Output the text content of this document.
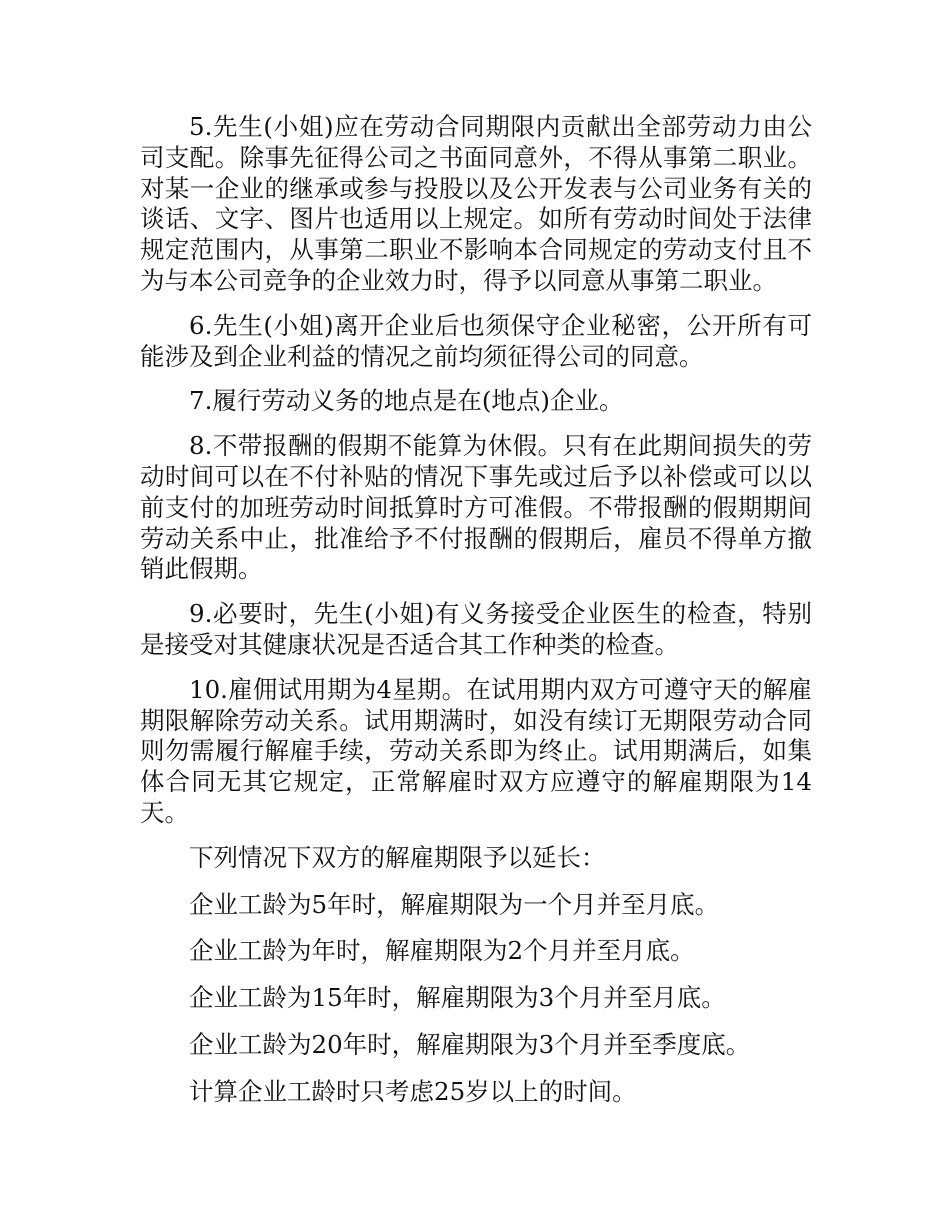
5.先生(小姐)应在劳动合同期限内贡献出全部劳动力由公司支配。除事先征得公司之书面同意外，不得从事第二职业。对某一企业的继承或参与投股以及公开发表与公司业务有关的谈话、文字、图片也适用以上规定。如所有劳动时间处于法律规定范围内，从事第二职业不影响本合同规定的劳动支付且不为与本公司竞争的企业效力时，得予以同意从事第二职业。

6.先生(小姐)离开企业后也须保守企业秘密，公开所有可能涉及到企业利益的情况之前均须征得公司的同意。

7.履行劳动义务的地点是在(地点)企业。

8.不带报酬的假期不能算为休假。只有在此期间损失的劳动时间可以在不付补贴的情况下事先或过后予以补偿或可以以前支付的加班劳动时间抵算时方可准假。不带报酬的假期期间劳动关系中止，批准给予不付报酬的假期后，雇员不得单方撤销此假期。

9.必要时，先生(小姐)有义务接受企业医生的检查，特别是接受对其健康状况是否适合其工作种类的检查。

10.雇佣试用期为4星期。在试用期内双方可遵守天的解雇期限解除劳动关系。试用期满时，如没有续订无期限劳动合同则勿需履行解雇手续，劳动关系即为终止。试用期满后，如集体合同无其它规定，正常解雇时双方应遵守的解雇期限为14天。

下列情况下双方的解雇期限予以延长：

企业工龄为5年时，解雇期限为一个月并至月底。

企业工龄为年时，解雇期限为2个月并至月底。

企业工龄为15年时，解雇期限为3个月并至月底。

企业工龄为20年时，解雇期限为3个月并至季度底。

计算企业工龄时只考虑25岁以上的时间。
